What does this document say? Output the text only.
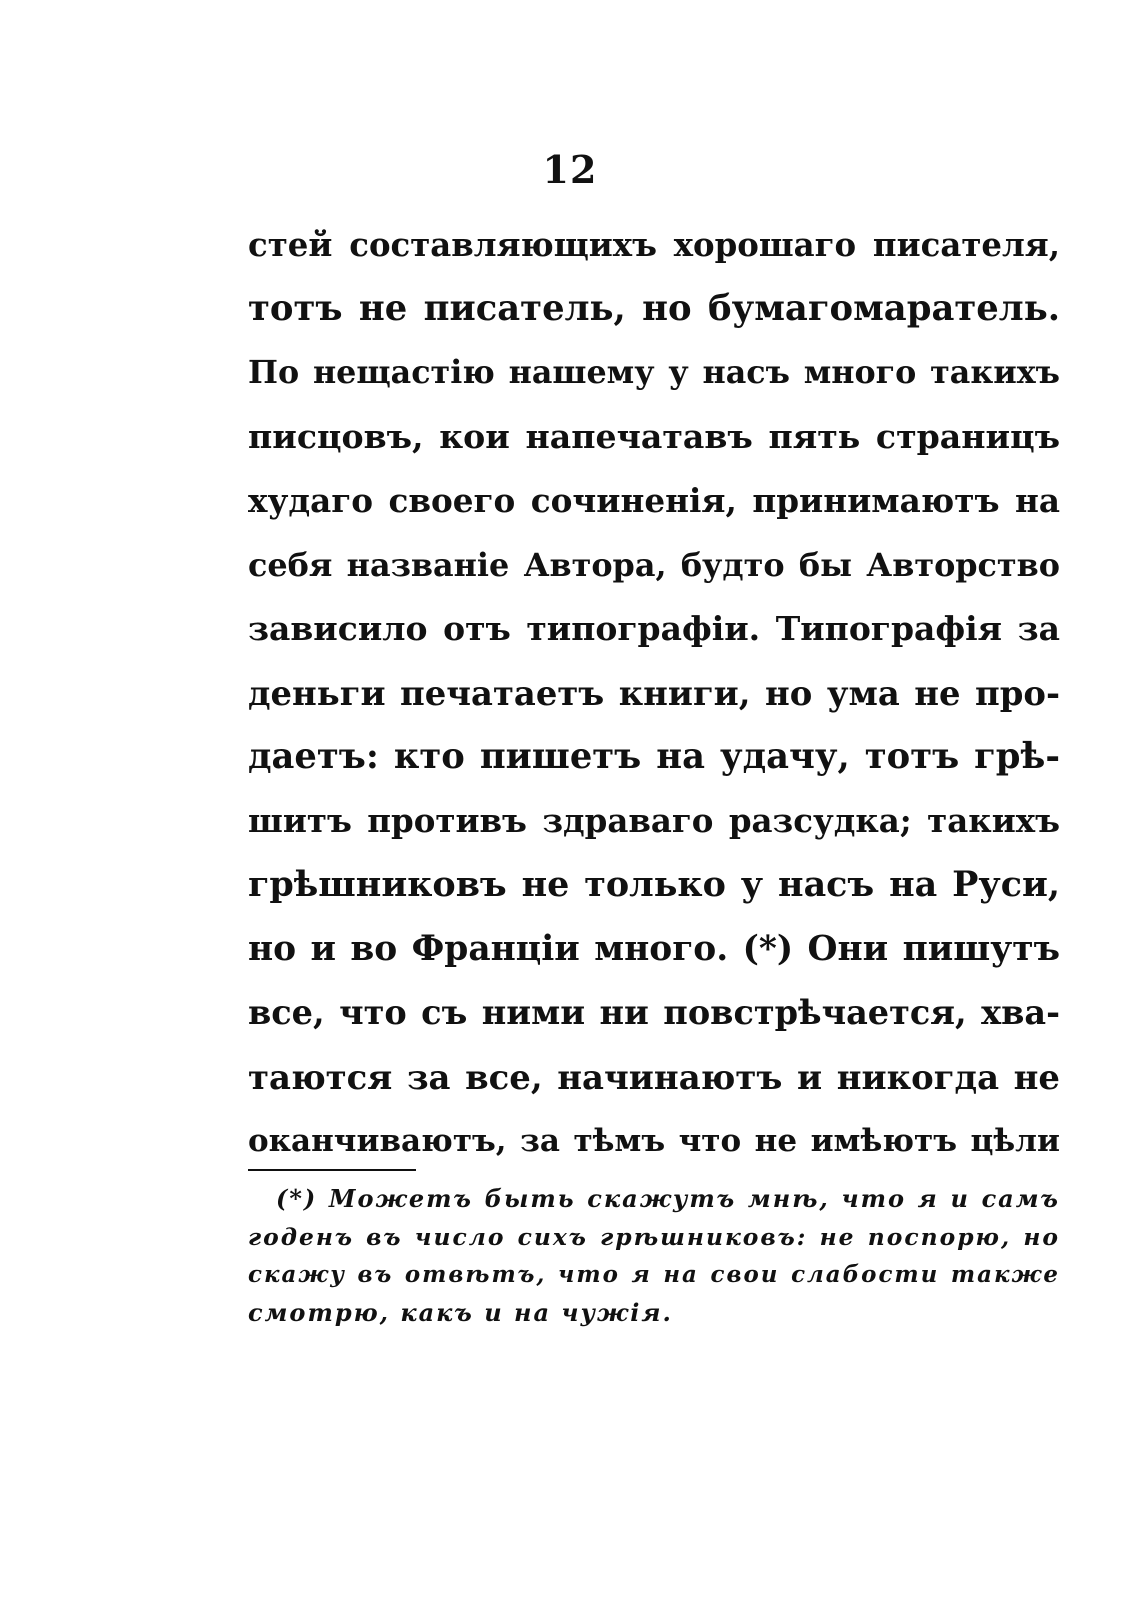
12
стей составляющихъ хорошаго писателя,
тотъ не писатель, но бумагомаратель.
По нещастію нашему у насъ много такихъ
писцовъ, кои напечатавъ пять страницъ
худаго своего сочиненія, принимаютъ на
себя названіе Автора, будто бы Авторство
зависило отъ типографіи. Типографія за
деньги печатаетъ книги, но ума не про-
даетъ: кто пишетъ на удачу, тотъ грѣ-
шитъ противъ здраваго разсудка; такихъ
грѣшниковъ не только у насъ на Руси,
но и во Франціи много. (*) Они пишутъ
все, что съ ними ни повстрѣчается, хва-
таются за все, начинаютъ и никогда не
оканчиваютъ, за тѣмъ что не имѣютъ цѣли
(*) Можетъ быть скажутъ мнѣ, что я и самъ
годенъ въ число сихъ грѣшниковъ: не поспорю, но
скажу въ отвѣтъ, что я на свои слабости также
смотрю, какъ и на чужія.
